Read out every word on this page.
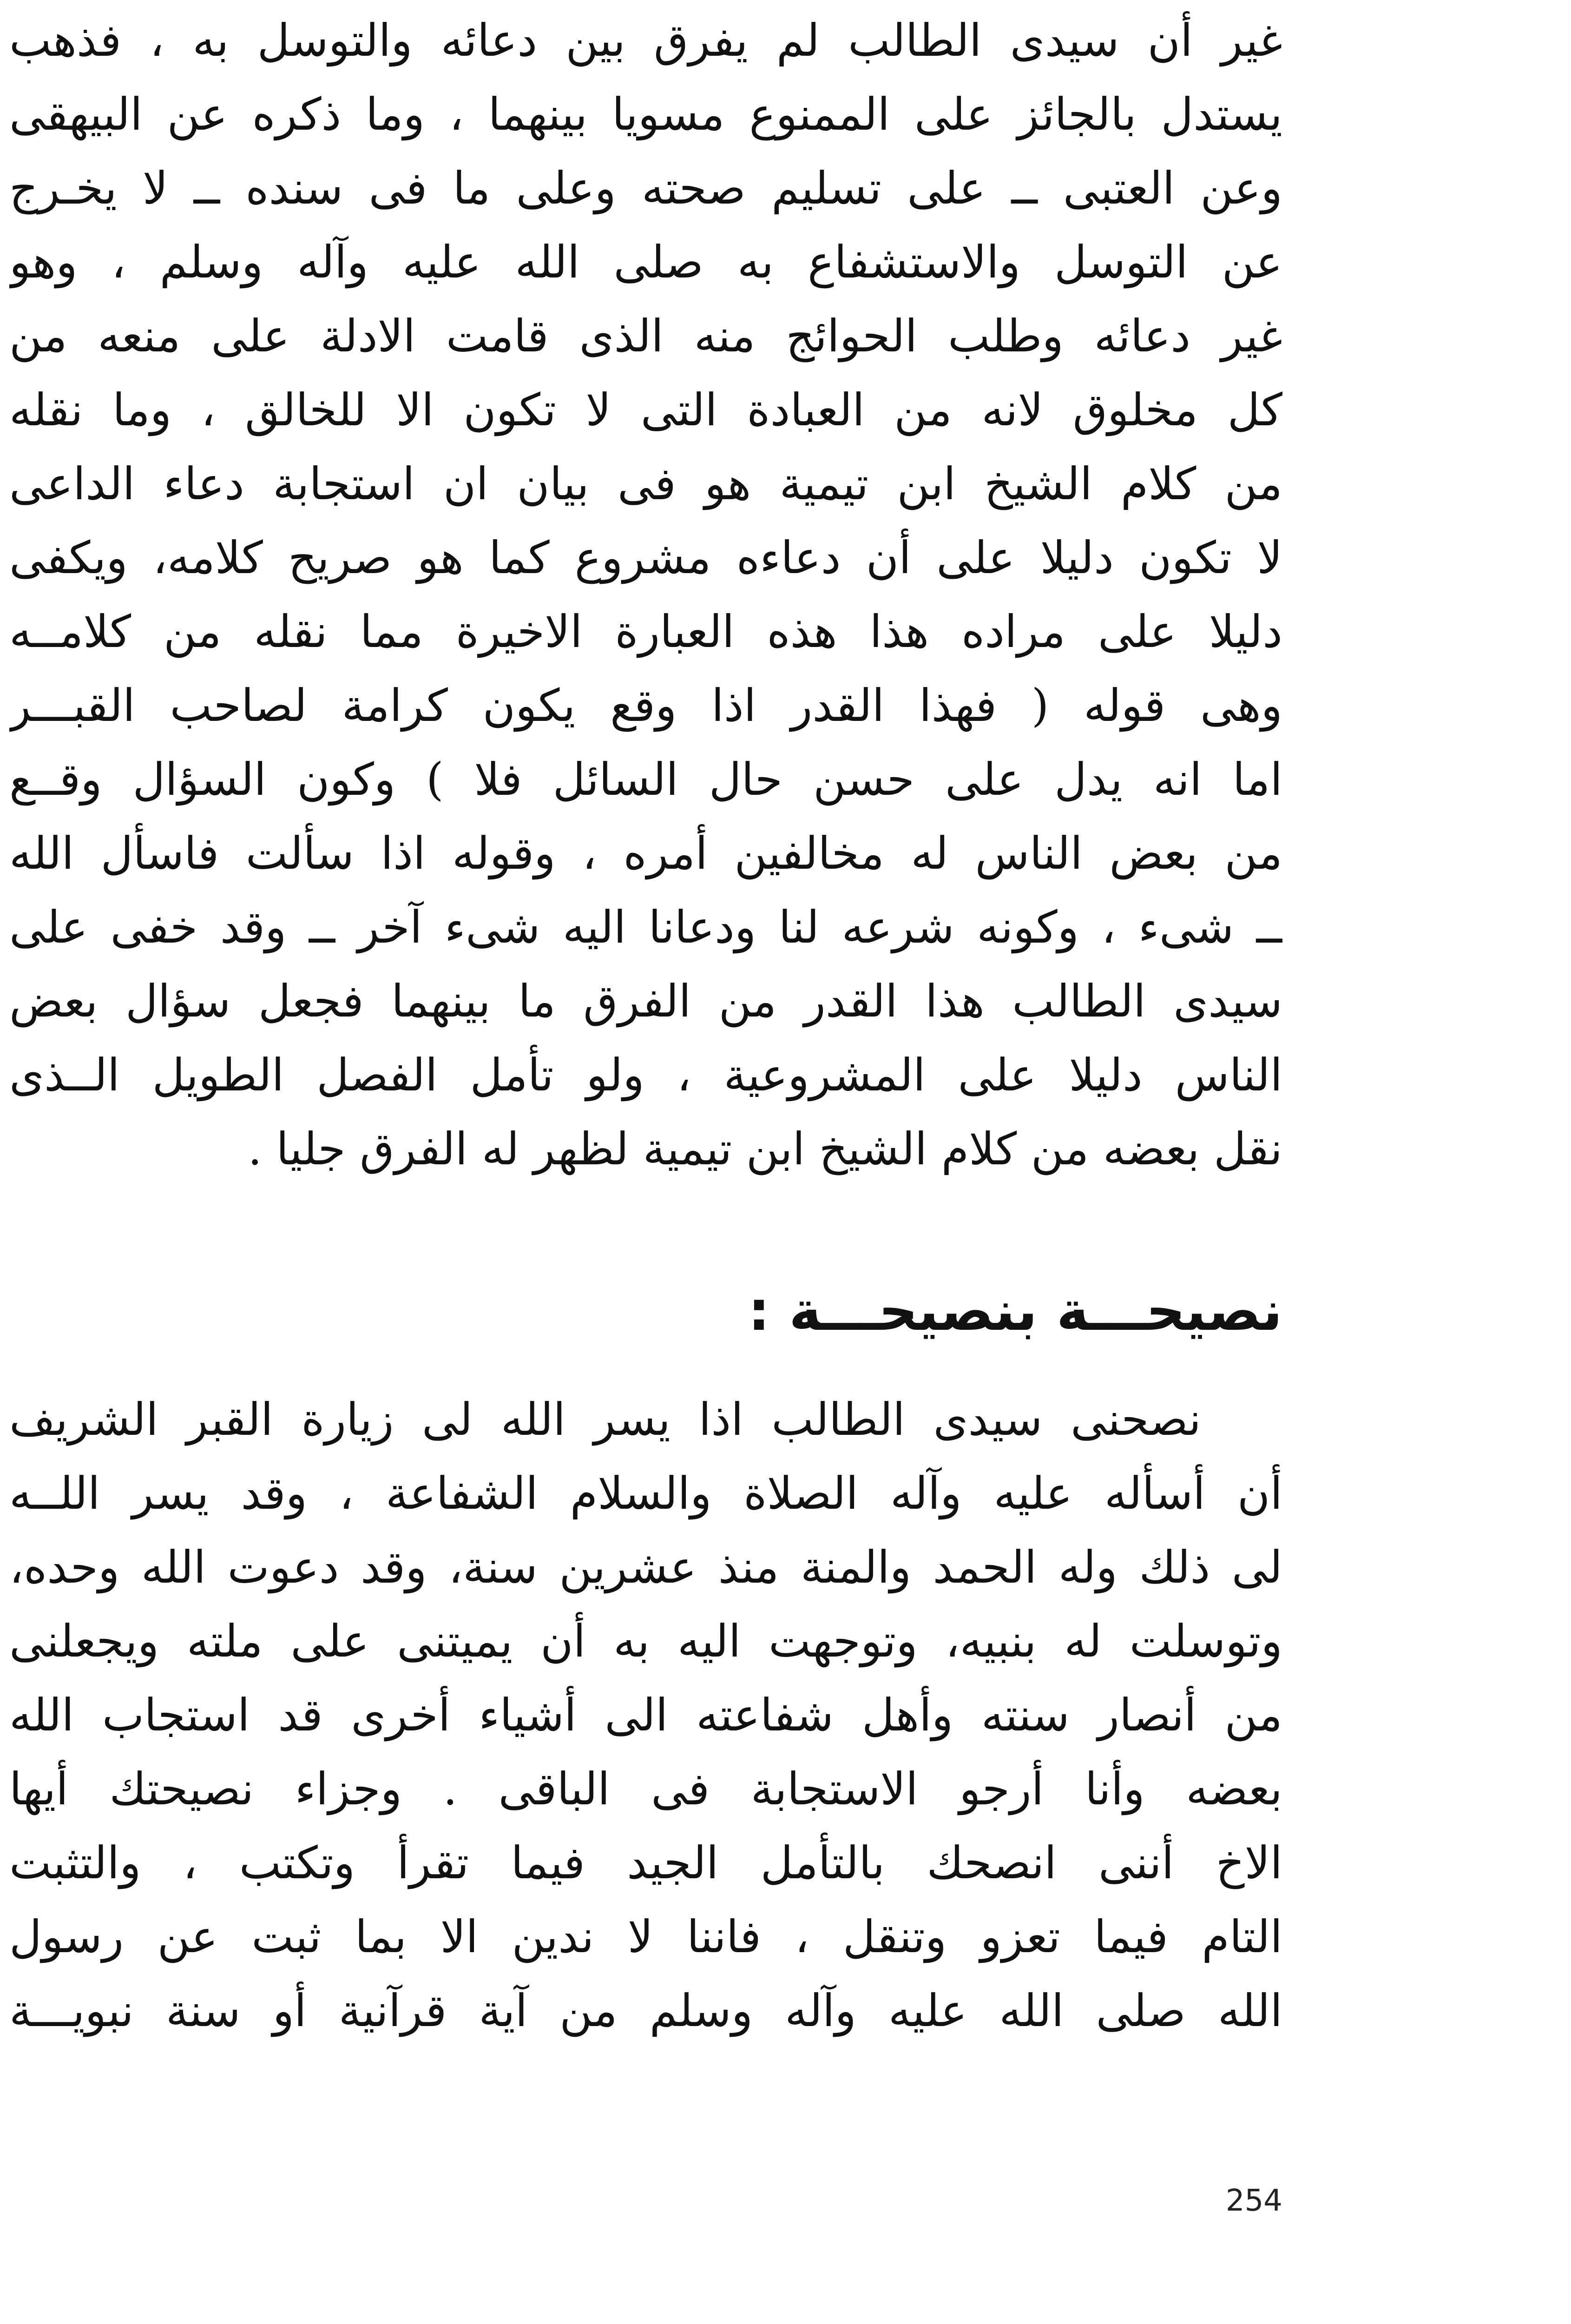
غير أن سيدى الطالب لم يفرق بين دعائه والتوسل به ، فذهب
يستدل بالجائز على الممنوع مسويا بينهما ، وما ذكره عن البيهقى
وعن العتبى ــ على تسليم صحته وعلى ما فى سنده ــ لا يخـرج
عن التوسل والاستشفاع به صلى الله عليه وآله وسلم ، وهو
غير دعائه وطلب الحوائج منه الذى قامت الادلة على منعه من
كل مخلوق لانه من العبادة التى لا تكون الا للخالق ، وما نقله
من كلام الشيخ ابن تيمية هو فى بيان ان استجابة دعاء الداعى
لا تكون دليلا على أن دعاءه مشروع كما هو صريح كلامه، ويكفى
دليلا على مراده هذا هذه العبارة الاخيرة مما نقله من كلامــه
وهى قوله ( فهذا القدر اذا وقع يكون كرامة لصاحب القبـــر
اما انه يدل على حسن حال السائل فلا ) وكون السؤال وقــع
من بعض الناس له مخالفين أمره ، وقوله اذا سألت فاسأل الله
ــ شىء ، وكونه شرعه لنا ودعانا اليه شىء آخر ــ وقد خفى على
سيدى الطالب هذا القدر من الفرق ما بينهما فجعل سؤال بعض
الناس دليلا على المشروعية ، ولو تأمل الفصل الطويل الــذى
نقل بعضه من كلام الشيخ ابن تيمية لظهر له الفرق جليا .
نصيحـــة بنصيحـــة :
نصحنى سيدى الطالب اذا يسر الله لى زيارة القبر الشريف
أن أسأله عليه وآله الصلاة والسلام الشفاعة ، وقد يسر اللــه
لى ذلك وله الحمد والمنة منذ عشرين سنة، وقد دعوت الله وحده،
وتوسلت له بنبيه، وتوجهت اليه به أن يميتنى على ملته ويجعلنى
من أنصار سنته وأهل شفاعته الى أشياء أخرى قد استجاب الله
بعضه وأنا أرجو الاستجابة فى الباقى . وجزاء نصيحتك أيها
الاخ أننى انصحك بالتأمل الجيد فيما تقرأ وتكتب ، والتثبت
التام فيما تعزو وتنقل ، فاننا لا ندين الا بما ثبت عن رسول
الله صلى الله عليه وآله وسلم من آية قرآنية أو سنة نبويـــة
254
